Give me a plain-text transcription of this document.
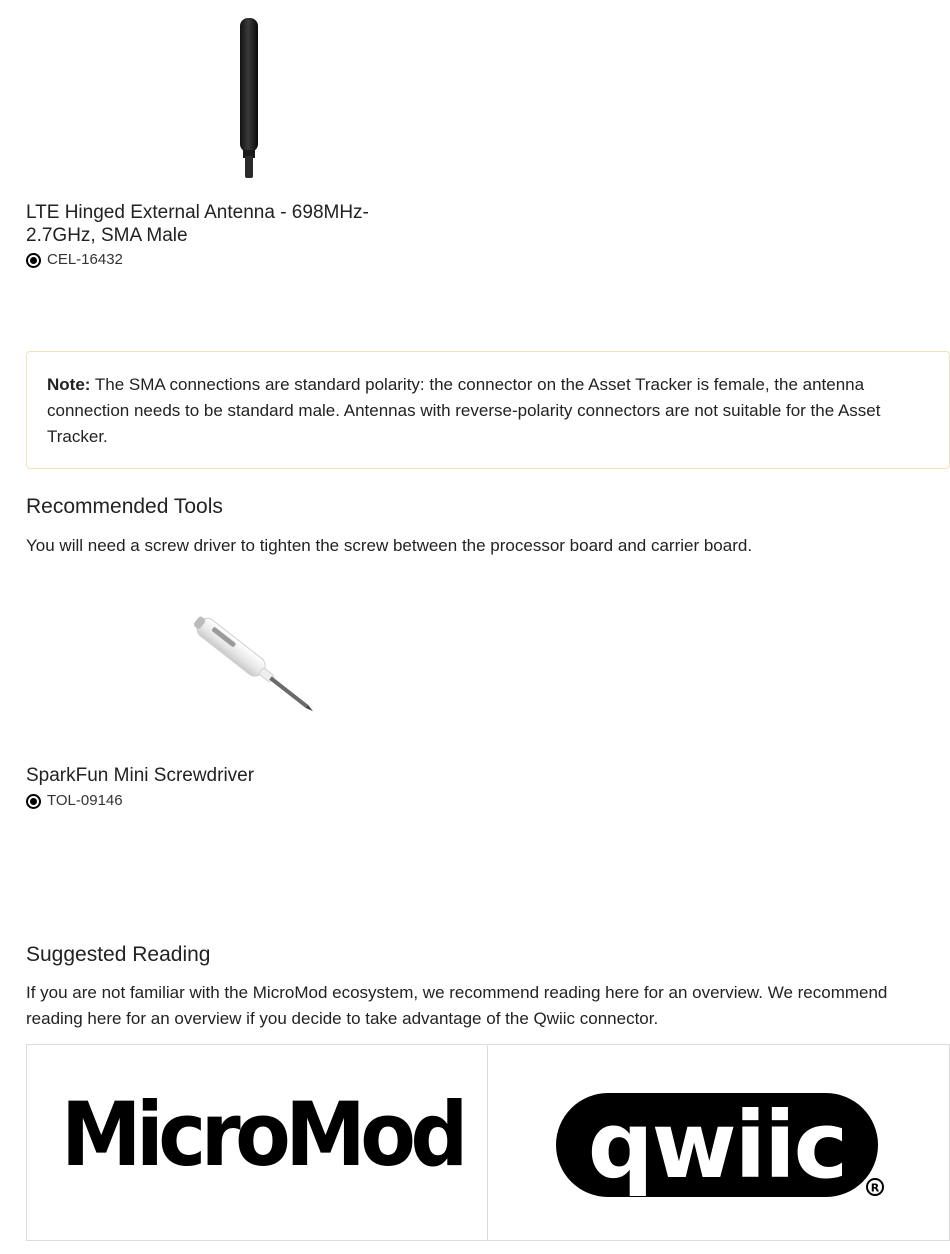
LTE Hinged External Antenna - 698MHz-
2.7GHz, SMA Male
CEL-16432
Note: The SMA connections are standard polarity: the connector on the Asset Tracker is female, the antenna connection needs to be standard male. Antennas with reverse-polarity connectors are not suitable for the Asset Tracker.
Recommended Tools
You will need a screw driver to tighten the screw between the processor board and carrier board.
SparkFun Mini Screwdriver
TOL-09146
Suggested Reading
If you are not familiar with the MicroMod ecosystem, we recommend reading here for an overview. We recommend reading here for an overview if you decide to take advantage of the Qwiic connector.
MicroMod qwiic R
